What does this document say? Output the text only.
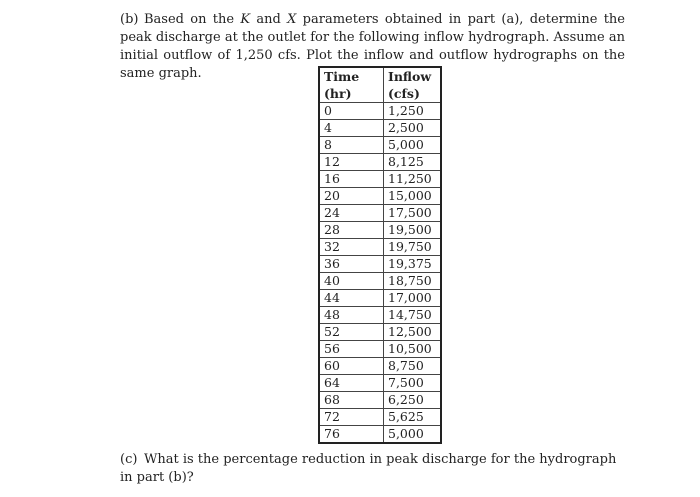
(b) Based on the K and X parameters obtained in part (a), determine the peak discharge at the outlet for the following inflow hydrograph. Assume an initial outflow of 1,250 cfs. Plot the inflow and outflow hydrographs on the same graph.	Time	Inflow
(hr)	(cfs)
0	1,250
4	2,500
8	5,000
12	8,125
16	11,250
20	15,000
24	17,500
28	19,500
32	19,750
36	19,375
40	18,750
44	17,000
48	14,750
52	12,500
56	10,500
60	8,750
64	7,500
68	6,250
72	5,625
76	5,000

(c) What is the percentage reduction in peak discharge for the hydrograph in part (b)?
